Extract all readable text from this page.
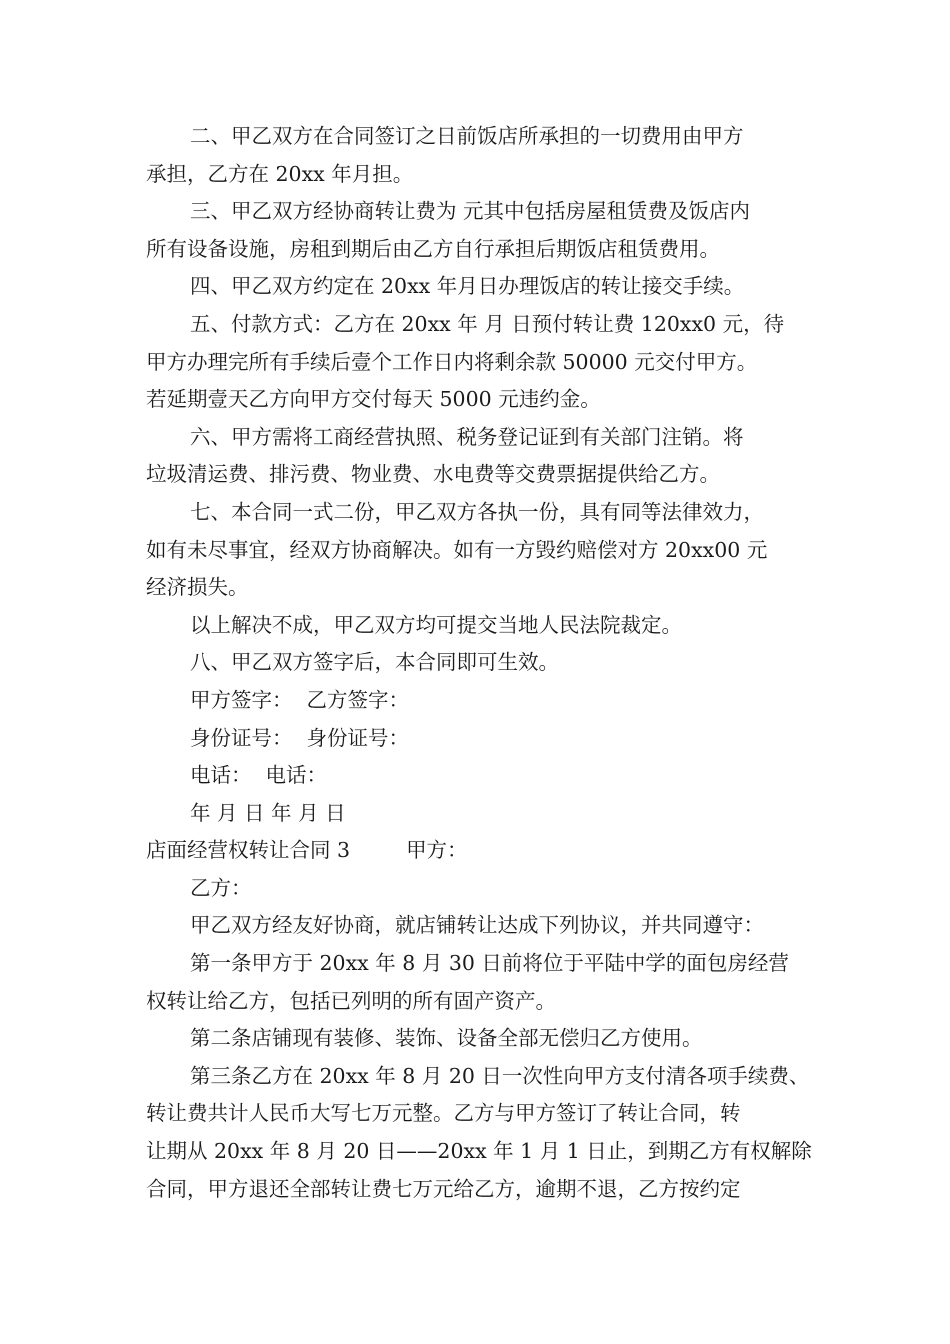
二、甲乙双方在合同签订之日前饭店所承担的一切费用由甲方
承担，乙方在 20xx 年月担。
三、甲乙双方经协商转让费为 元其中包括房屋租赁费及饭店内
所有设备设施，房租到期后由乙方自行承担后期饭店租赁费用。
四、甲乙双方约定在 20xx 年月日办理饭店的转让接交手续。
五、付款方式：乙方在 20xx 年 月 日预付转让费 120xx0 元，待
甲方办理完所有手续后壹个工作日内将剩余款 50000 元交付甲方。
若延期壹天乙方向甲方交付每天 5000 元违约金。
六、甲方需将工商经营执照、税务登记证到有关部门注销。将
垃圾清运费、排污费、物业费、水电费等交费票据提供给乙方。
七、本合同一式二份，甲乙双方各执一份，具有同等法律效力，
如有未尽事宜，经双方协商解决。如有一方毁约赔偿对方 20xx00 元
经济损失。
以上解决不成，甲乙双方均可提交当地人民法院裁定。
八、甲乙双方签字后，本合同即可生效。
甲方签字： 乙方签字：
身份证号： 身份证号：
电话： 电话：
年 月 日 年 月 日
店面经营权转让合同 3	甲方：
乙方：
甲乙双方经友好协商，就店铺转让达成下列协议，并共同遵守：
第一条甲方于 20xx 年 8 月 30 日前将位于平陆中学的面包房经营
权转让给乙方，包括已列明的所有固产资产。
第二条店铺现有装修、装饰、设备全部无偿归乙方使用。
第三条乙方在 20xx 年 8 月 20 日一次性向甲方支付清各项手续费、
转让费共计人民币大写七万元整。乙方与甲方签订了转让合同，转
让期从 20xx 年 8 月 20 日——20xx 年 1 月 1 日止，到期乙方有权解除
合同，甲方退还全部转让费七万元给乙方，逾期不退，乙方按约定
